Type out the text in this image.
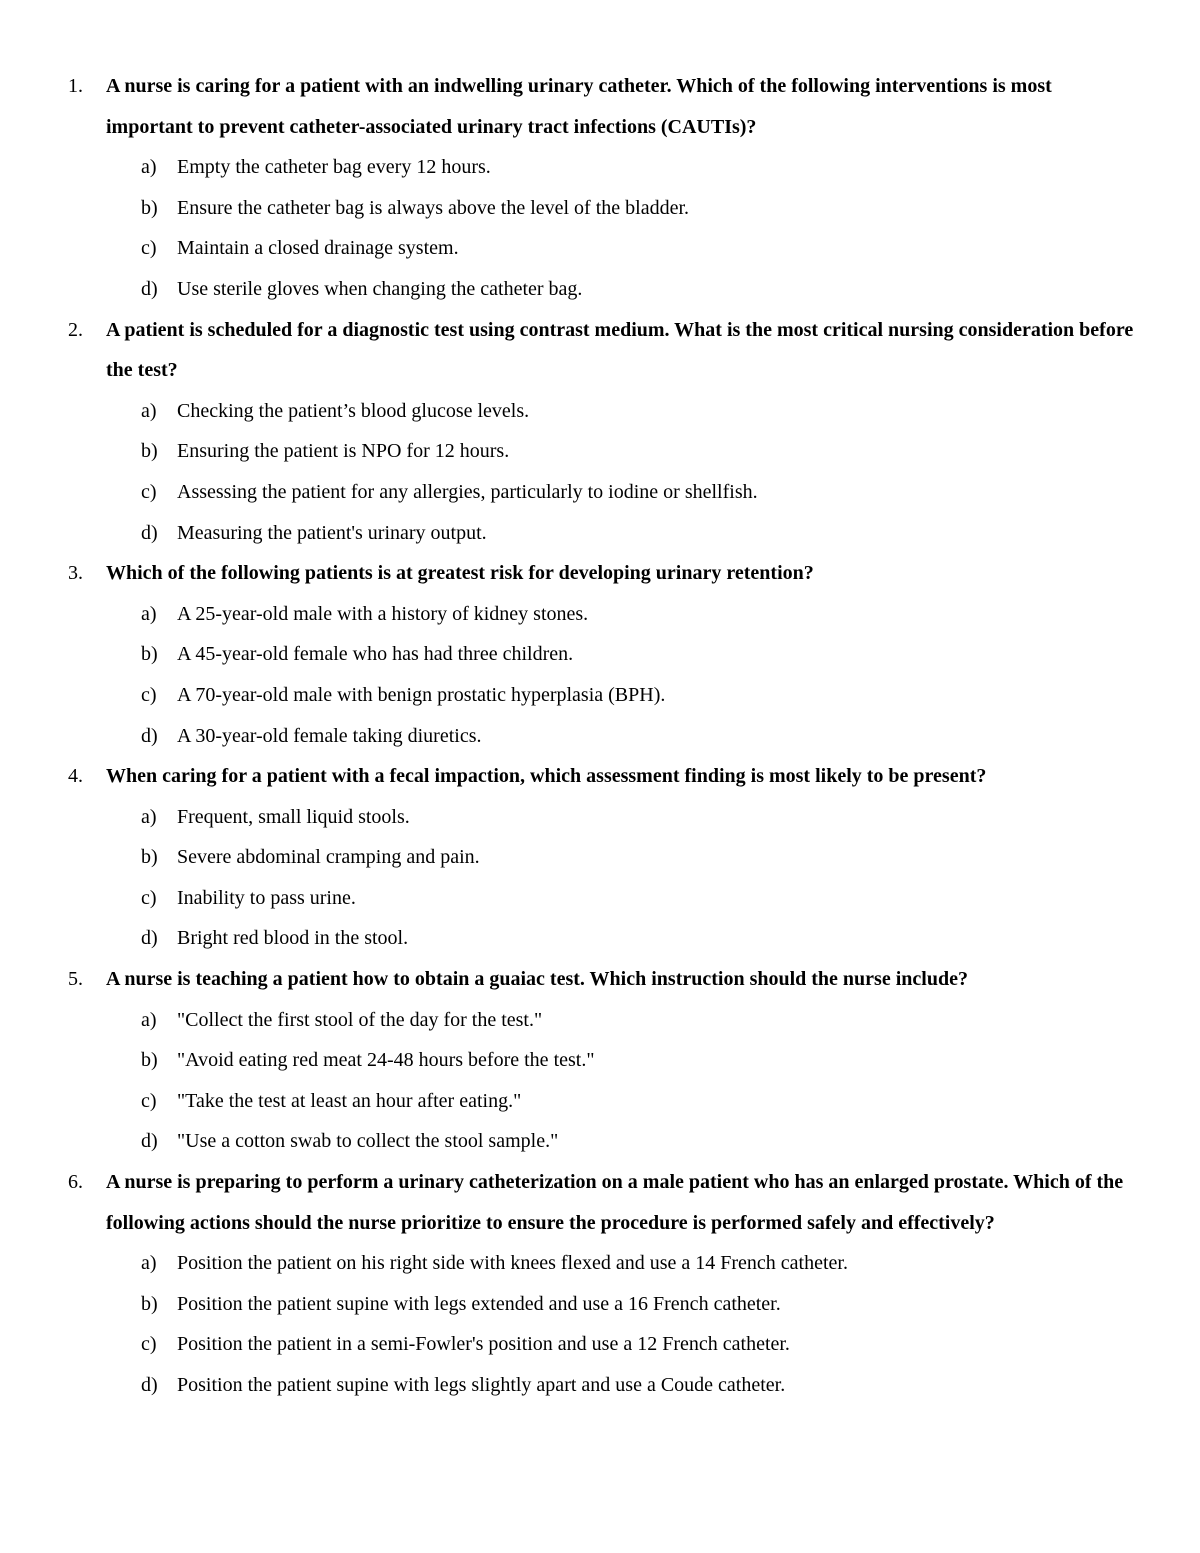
1.	A nurse is caring for a patient with an indwelling urinary catheter. Which of the following interventions is most important to prevent catheter-associated urinary tract infections (CAUTIs)?
a) Empty the catheter bag every 12 hours.
b) Ensure the catheter bag is always above the level of the bladder.
c) Maintain a closed drainage system.
d) Use sterile gloves when changing the catheter bag.
2.	A patient is scheduled for a diagnostic test using contrast medium. What is the most critical nursing consideration before the test?
a) Checking the patient’s blood glucose levels.
b) Ensuring the patient is NPO for 12 hours.
c) Assessing the patient for any allergies, particularly to iodine or shellfish.
d) Measuring the patient's urinary output.
3.	Which of the following patients is at greatest risk for developing urinary retention?
a) A 25-year-old male with a history of kidney stones.
b) A 45-year-old female who has had three children.
c) A 70-year-old male with benign prostatic hyperplasia (BPH).
d) A 30-year-old female taking diuretics.
4.	When caring for a patient with a fecal impaction, which assessment finding is most likely to be present?
a) Frequent, small liquid stools.
b) Severe abdominal cramping and pain.
c) Inability to pass urine.
d) Bright red blood in the stool.
5.	A nurse is teaching a patient how to obtain a guaiac test. Which instruction should the nurse include?
a) "Collect the first stool of the day for the test."
b) "Avoid eating red meat 24-48 hours before the test."
c) "Take the test at least an hour after eating."
d) "Use a cotton swab to collect the stool sample."
6.	A nurse is preparing to perform a urinary catheterization on a male patient who has an enlarged prostate. Which of the following actions should the nurse prioritize to ensure the procedure is performed safely and effectively?
a) Position the patient on his right side with knees flexed and use a 14 French catheter.
b) Position the patient supine with legs extended and use a 16 French catheter.
c) Position the patient in a semi-Fowler's position and use a 12 French catheter.
d) Position the patient supine with legs slightly apart and use a Coude catheter.
